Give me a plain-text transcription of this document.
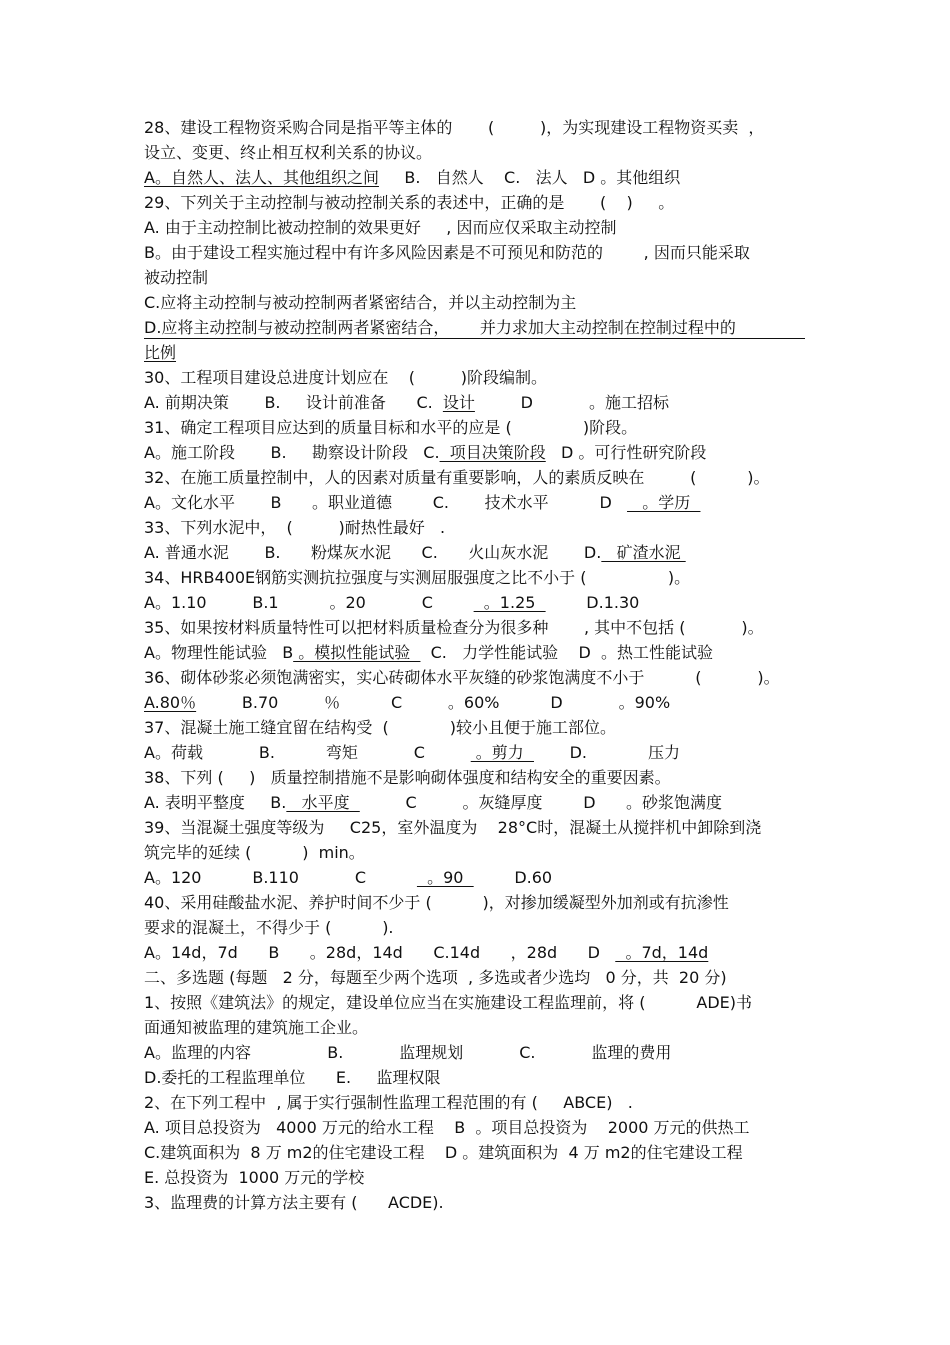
28、建设工程物资采购合同是指平等主体的       (         )，为实现建设工程物资买卖  ，
设立、变更、终止相互权利关系的协议。
A。自然人、法人、其他组织之间     B.   自然人    C.   法人   D 。其他组织
29、下列关于主动控制与被动控制关系的表述中，正确的是       (    )     。
A. 由于主动控制比被动控制的效果更好     , 因而应仅采取主动控制
B。由于建设工程实施过程中有许多风险因素是不可预见和防范的        , 因而只能采取
被动控制
C.应将主动控制与被动控制两者紧密结合，并以主动控制为主
D.应将主动控制与被动控制两者紧密结合，      并力求加大主动控制在控制过程中的
比例
30、工程项目建设总进度计划应在    (         )阶段编制。
A. 前期决策       B.     设计前准备      C.  设计         D           。施工招标
31、确定工程项目应达到的质量目标和水平的应是 (              )阶段。
A。施工阶段       B.     勘察设计阶段   C.  项目决策阶段   D 。可行性研究阶段
32、在施工质量控制中，人的因素对质量有重要影响，人的素质反映在         (          )。
A。文化水平       B      。职业道德        C.       技术水平          D      。学历
33、下列水泥中，  (         )耐热性最好   .
A. 普通水泥       B.      粉煤灰水泥      C.      火山灰水泥       D.   矿渣水泥
34、HRB400E钢筋实测抗拉强度与实测屈服强度之比不小于 (                )。
A。1.10         B.1          。20           C          。1.25          D.1.30
35、如果按材料质量特性可以把材料质量检查分为很多种       , 其中不包括 (           )。
A。物理性能试验   B 。模拟性能试验    C.   力学性能试验    D  。热工性能试验
36、砌体砂浆必须饱满密实，实心砖砌体水平灰缝的砂浆饱满度不小于          (           )。
A.80％         B.70         ％          C         。60%          D           。90%
37、混凝土施工缝宜留在结构受  (            )较小且便于施工部位。
A。荷载           B.          弯矩           C          。剪力         D.            压力
38、下列 (     )   质量控制措施不是影响砌体强度和结构安全的重要因素。
A. 表明平整度     B.   水平度           C         。灰缝厚度        D      。砂浆饱满度
39、当混凝土强度等级为     C25，室外温度为    28°C时，混凝土从搅拌机中卸除到浇
筑完毕的延续 (          )  min。
A。120          B.110           C            。90          D.60
40、采用硅酸盐水泥、养护时间不少于 (          )，对掺加缓凝型外加剂或有抗渗性
要求的混凝土，不得少于 (          ).
A。14d，7d      B      。28d，14d      C.14d      ，28d      D     。7d，14d
二、多选题 (每题   2 分，每题至少两个选项  , 多选或者少选均   0 分，共  20 分)
1、按照《建筑法》的规定，建设单位应当在实施建设工程监理前，将 (          ADE)书
面通知被监理的建筑施工企业。
A。监理的内容               B.           监理规划           C.           监理的费用
D.委托的工程监理单位      E.     监理权限
2、在下列工程中  , 属于实行强制性监理工程范围的有 (     ABCE)   .
A. 项目总投资为   4000 万元的给水工程    B  。项目总投资为    2000 万元的供热工
C.建筑面积为  8 万 m2的住宅建设工程    D 。建筑面积为  4 万 m2的住宅建设工程
E. 总投资为  1000 万元的学校
3、监理费的计算方法主要有 (      ACDE).
